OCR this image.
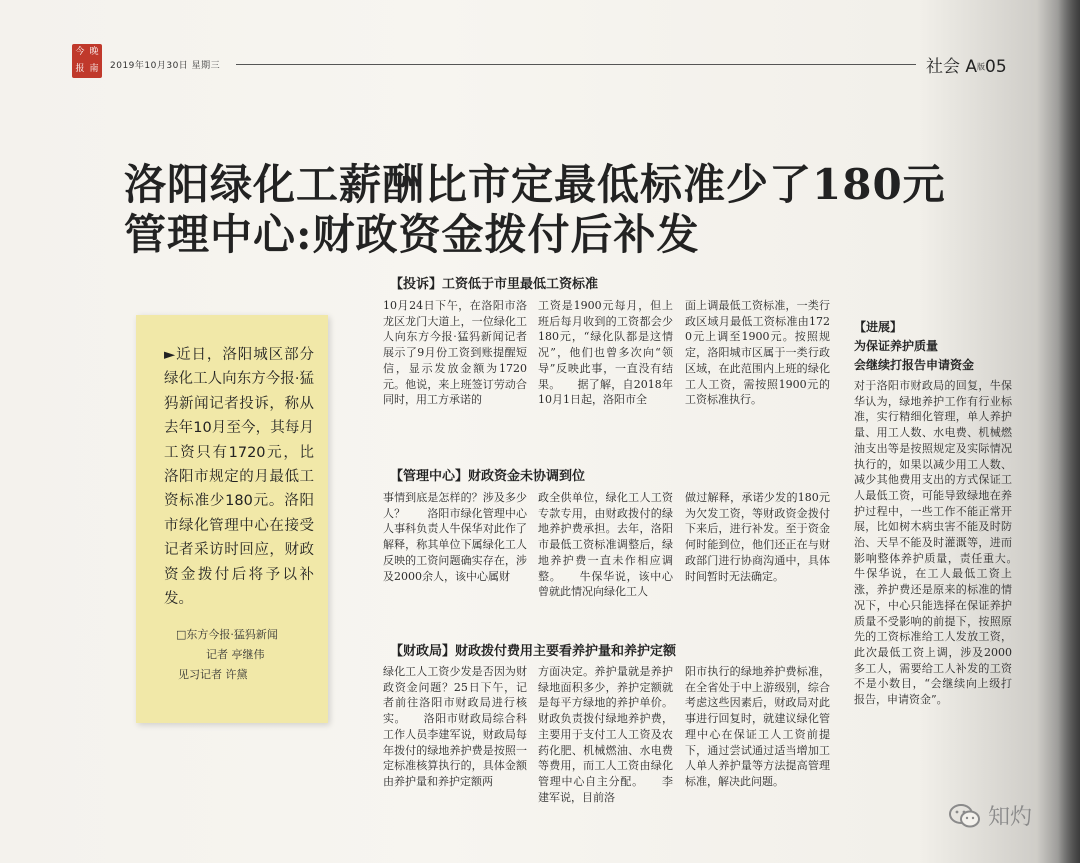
今 晚
报 南 2019年10月30日 星期三	社会 A版05
洛阳绿化工薪酬比市定最低标准少了180元
管理中心:财政资金拨付后补发
►近日，洛阳城区部分绿化工人向东方今报·猛犸新闻记者投诉，称从去年10月至今，其每月工资只有1720元，比洛阳市规定的月最低工资标准少180元。洛阳市绿化管理中心在接受记者采访时回应，财政资金拨付后将予以补发。
□东方今报·猛犸新闻
记者 亭继伟
见习记者 许黛
【投诉】工资低于市里最低工资标准
10月24日下午，在洛阳市洛龙区龙门大道上，一位绿化工人向东方今报·猛犸新闻记者展示了9月份工资到账提醒短信，显示发放金额为1720元。他说，来上班签订劳动合同时，用工方承诺的
工资是1900元每月，但上班后每月收到的工资都会少180元，“绿化队都是这情况”，他们也曾多次向“领导”反映此事，一直没有结果。　　据了解，自2018年10月1日起，洛阳市全
面上调最低工资标准，一类行政区域月最低工资标准由1720元上调至1900元。按照规定，洛阳城市区属于一类行政区域，在此范围内上班的绿化工人工资，需按照1900元的工资标准执行。
【管理中心】财政资金未协调到位
事情到底是怎样的？涉及多少人？　　洛阳市绿化管理中心人事科负责人牛保华对此作了解释，称其单位下属绿化工人反映的工资问题确实存在，涉及2000余人，该中心属财
政全供单位，绿化工人工资专款专用，由财政拨付的绿地养护费承担。去年，洛阳市最低工资标准调整后，绿地养护费一直未作相应调整。　　牛保华说，该中心曾就此情况向绿化工人
做过解释，承诺少发的180元为欠发工资，等财政资金拨付下来后，进行补发。至于资金何时能到位，他们还正在与财政部门进行协商沟通中，具体时间暂时无法确定。
【财政局】财政拨付费用主要看养护量和养护定额
绿化工人工资少发是否因为财政资金问题？25日下午，记者前往洛阳市财政局进行核实。　　洛阳市财政局综合科工作人员李建军说，财政局每年拨付的绿地养护费是按照一定标准核算执行的，具体金额由养护量和养护定额两
方面决定。养护量就是养护绿地面积多少，养护定额就是每平方绿地的养护单价。财政负责拨付绿地养护费，主要用于支付工人工资及农药化肥、机械燃油、水电费等费用，而工人工资由绿化管理中心自主分配。　　李建军说，目前洛
阳市执行的绿地养护费标准，在全省处于中上游级别，综合考虑这些因素后，财政局对此事进行回复时，就建议绿化管理中心在保证工人工资前提下，通过尝试通过适当增加工人单人养护量等方法提高管理标准，解决此问题。
【进展】
为保证养护质量
会继续打报告申请资金
对于洛阳市财政局的回复，牛保华认为，绿地养护工作有行业标准，实行精细化管理，单人养护量、用工人数、水电费、机械燃油支出等是按照规定及实际情况执行的，如果以减少用工人数、减少其他费用支出的方式保证工人最低工资，可能导致绿地在养护过程中，一些工作不能正常开展，比如树木病虫害不能及时防治、天旱不能及时灌溉等，进而影响整体养护质量，责任重大。　　牛保华说，在工人最低工资上涨，养护费还是原来的标准的情况下，中心只能选择在保证养护质量不受影响的前提下，按照原先的工资标准给工人发放工资，此次最低工资上调，涉及2000多工人，需要给工人补发的工资不是小数目，“会继续向上级打报告，申请资金”。
知灼
